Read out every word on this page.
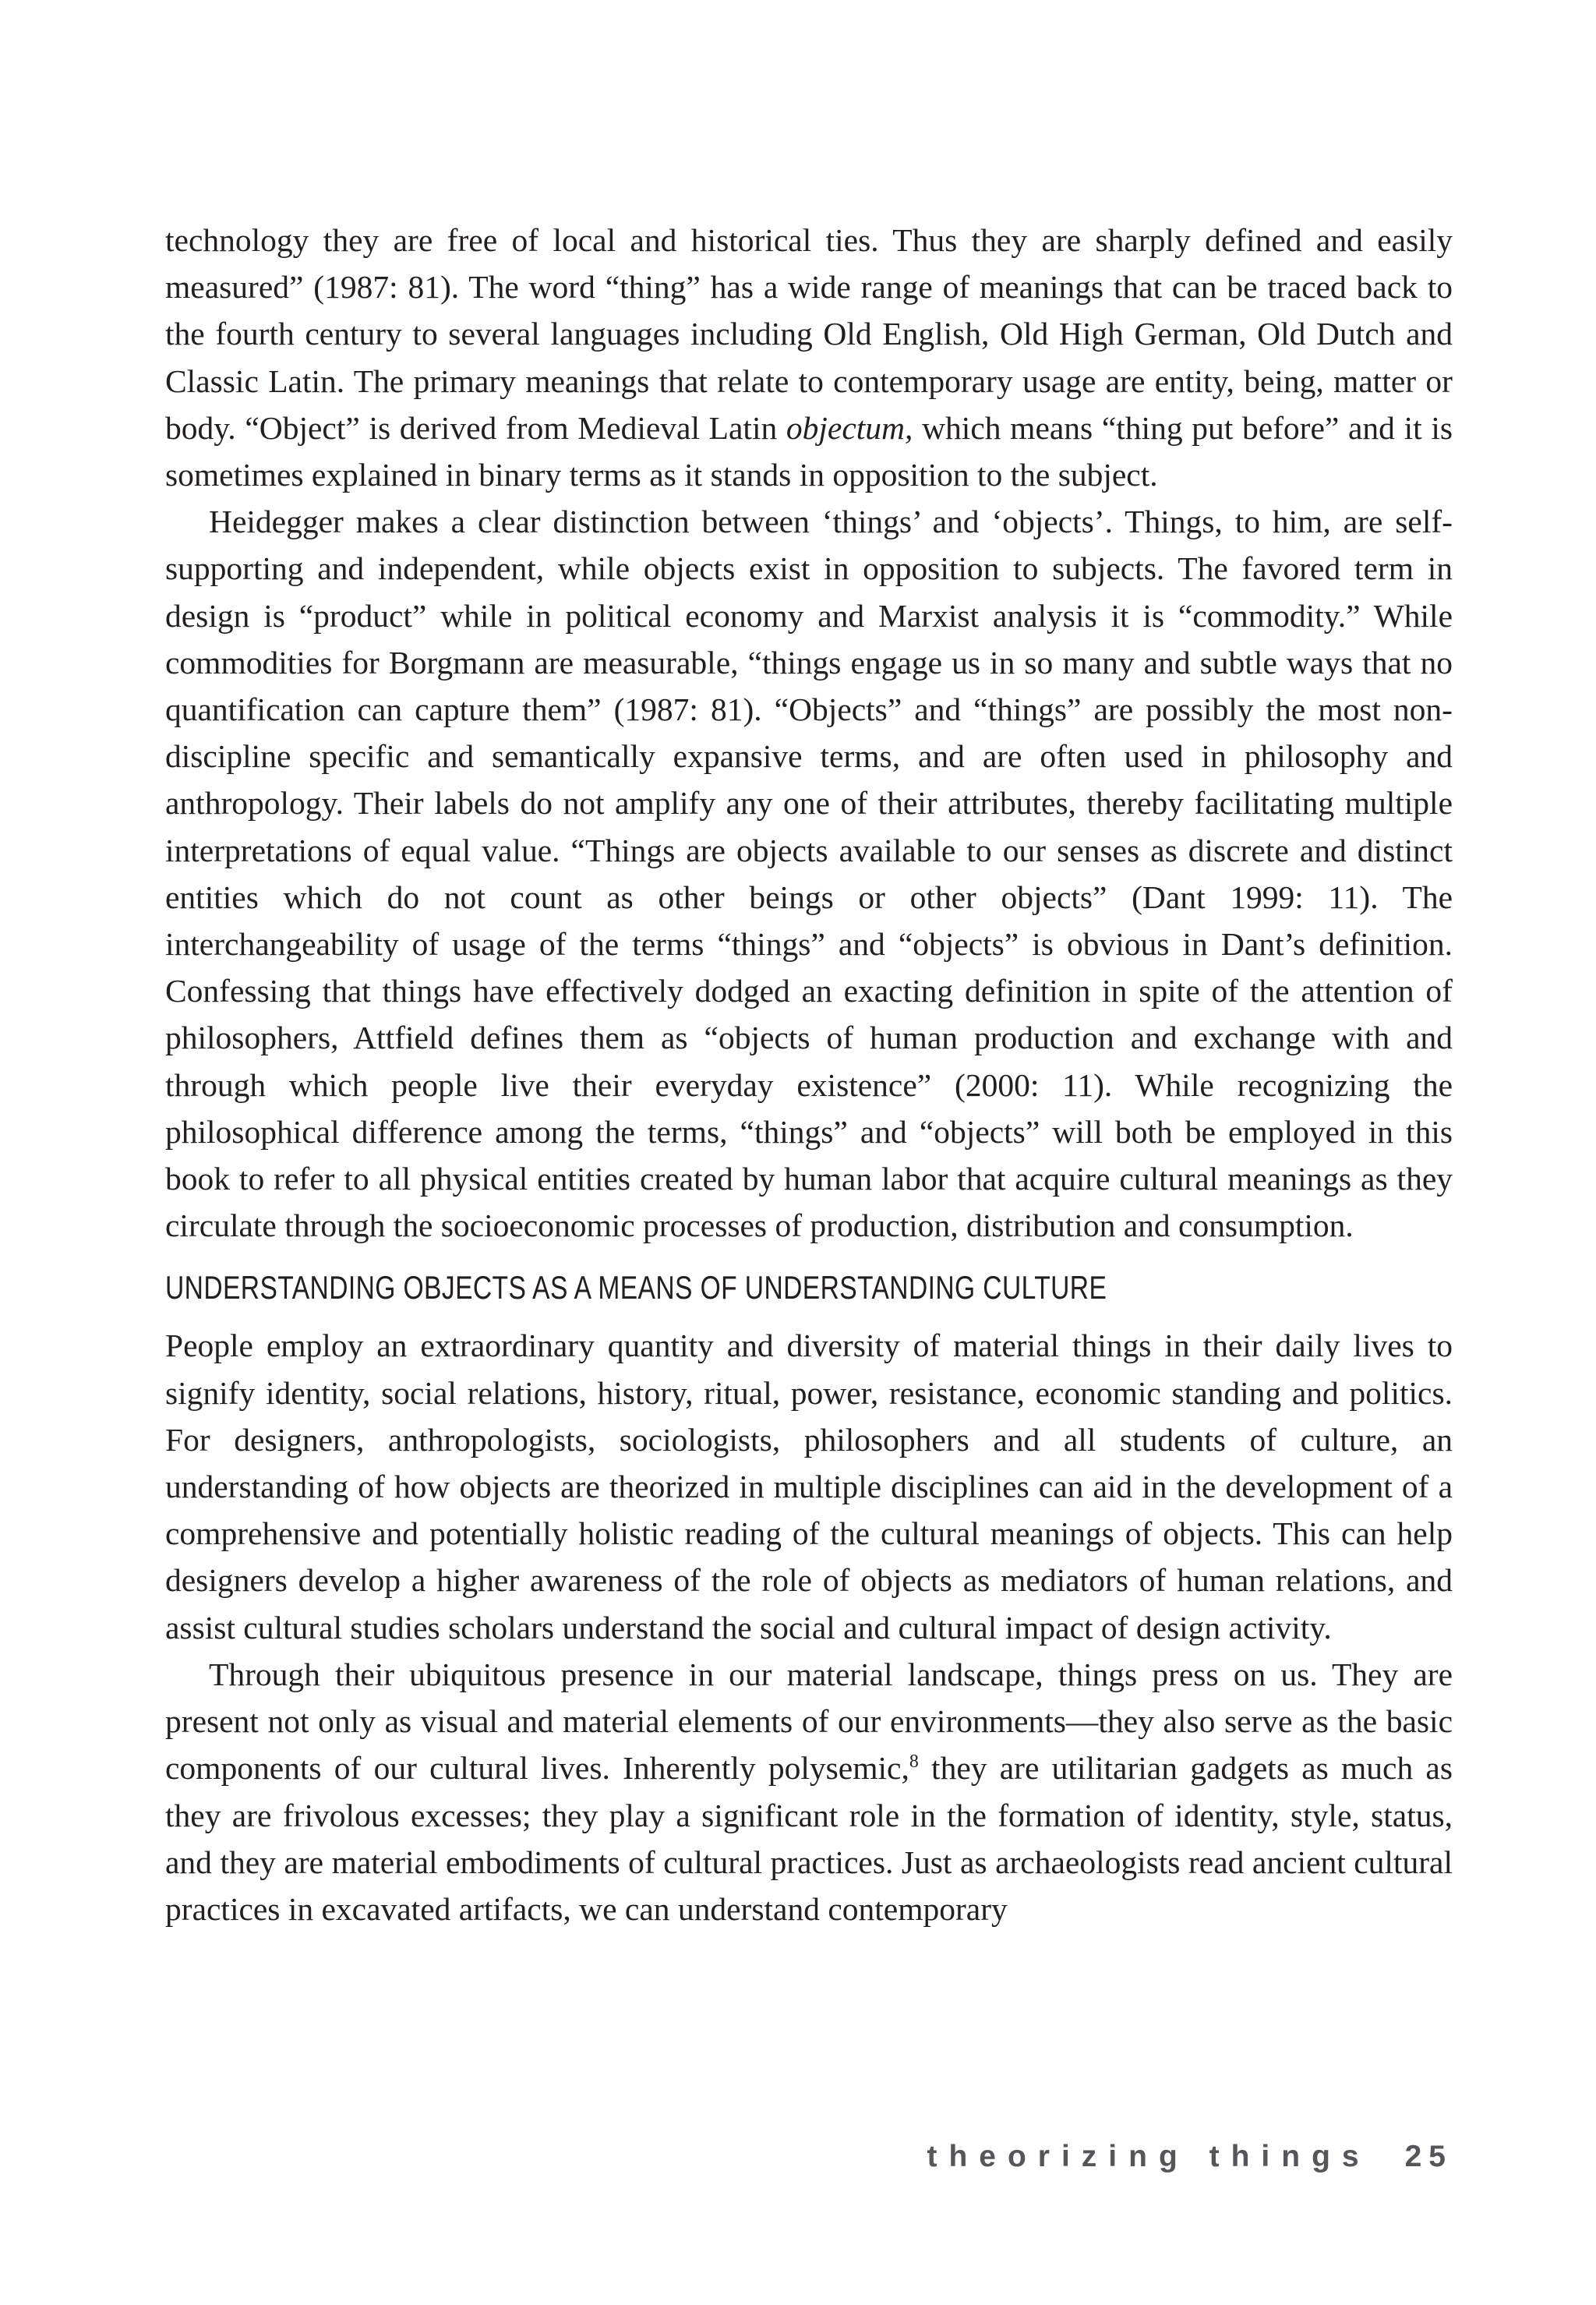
technology they are free of local and historical ties. Thus they are sharply defined and easily measured” (1987: 81). The word “thing” has a wide range of meanings that can be traced back to the fourth century to several languages including Old English, Old High German, Old Dutch and Classic Latin. The primary meanings that relate to contemporary usage are entity, being, matter or body. “Object” is derived from Medieval Latin objectum, which means “thing put before” and it is sometimes explained in binary terms as it stands in opposition to the subject.

Heidegger makes a clear distinction between ‘things’ and ‘objects’. Things, to him, are self-supporting and independent, while objects exist in opposition to subjects. The favored term in design is “product” while in political economy and Marxist analysis it is “commodity.” While commodities for Borgmann are measurable, “things engage us in so many and subtle ways that no quantification can capture them” (1987: 81). “Objects” and “things” are possibly the most non-discipline specific and semantically expansive terms, and are often used in philosophy and anthropology. Their labels do not amplify any one of their attributes, thereby facilitating multiple interpretations of equal value. “Things are objects available to our senses as discrete and distinct entities which do not count as other beings or other objects” (Dant 1999: 11). The interchangeability of usage of the terms “things” and “objects” is obvious in Dant’s definition. Confessing that things have effectively dodged an exacting definition in spite of the attention of philosophers, Attfield defines them as “objects of human production and exchange with and through which people live their everyday existence” (2000: 11). While recognizing the philosophical difference among the terms, “things” and “objects” will both be employed in this book to refer to all physical entities created by human labor that acquire cultural meanings as they circulate through the socioeconomic processes of production, distribution and consumption.

UNDERSTANDING OBJECTS AS A MEANS OF UNDERSTANDING CULTURE

People employ an extraordinary quantity and diversity of material things in their daily lives to signify identity, social relations, history, ritual, power, resistance, economic standing and politics. For designers, anthropologists, sociologists, philosophers and all students of culture, an understanding of how objects are theorized in multiple disciplines can aid in the development of a comprehensive and potentially holistic reading of the cultural meanings of objects. This can help designers develop a higher awareness of the role of objects as mediators of human relations, and assist cultural studies scholars understand the social and cultural impact of design activity.

Through their ubiquitous presence in our material landscape, things press on us. They are present not only as visual and material elements of our environments—they also serve as the basic components of our cultural lives. Inherently polysemic,$^8$ they are utilitarian gadgets as much as they are frivolous excesses; they play a significant role in the formation of identity, style, status, and they are material embodiments of cultural practices. Just as archaeologists read ancient cultural practices in excavated artifacts, we can understand contemporary

theorizing things 25
